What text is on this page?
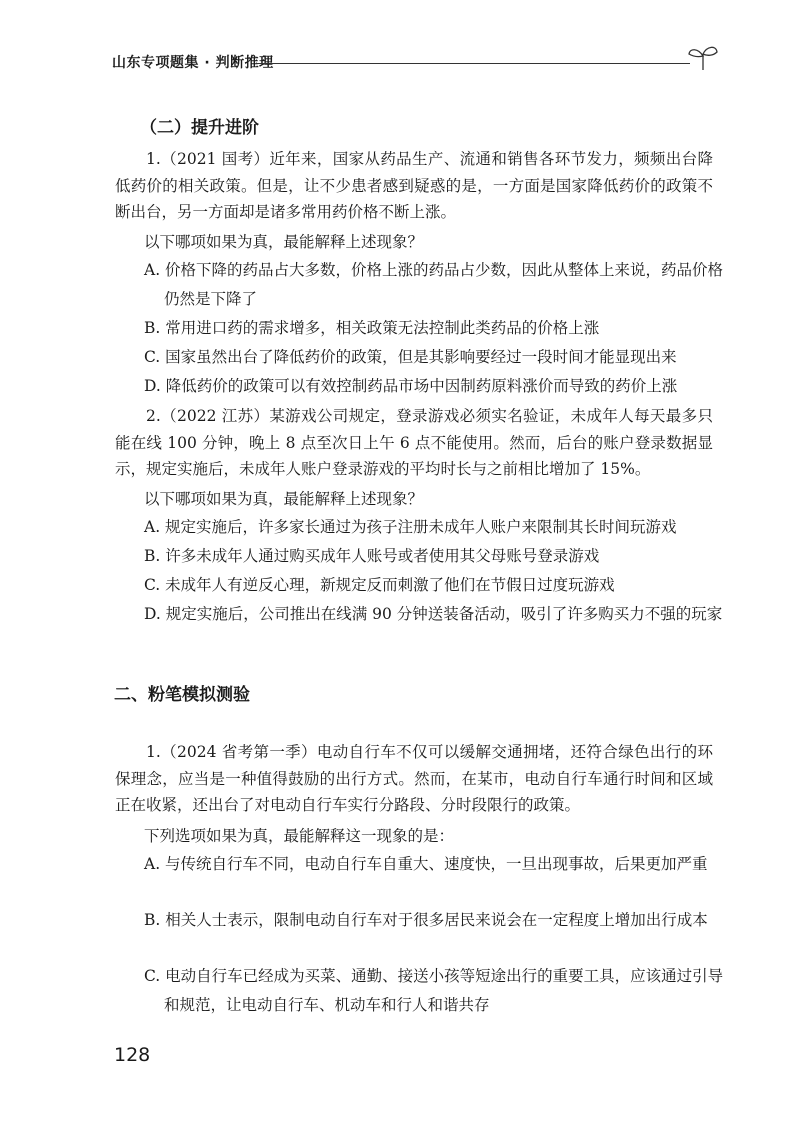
山东专项题集 · 判断推理
（二）提升进阶

1.（2021 国考）近年来，国家从药品生产、流通和销售各环节发力，频频出台降低药价的相关政策。但是，让不少患者感到疑惑的是，一方面是国家降低药价的政策不断出台，另一方面却是诸多常用药价格不断上涨。

以下哪项如果为真，最能解释上述现象？

A. 价格下降的药品占大多数，价格上涨的药品占少数，因此从整体上来说，药品价格仍然是下降了

B. 常用进口药的需求增多，相关政策无法控制此类药品的价格上涨

C. 国家虽然出台了降低药价的政策，但是其影响要经过一段时间才能显现出来

D. 降低药价的政策可以有效控制药品市场中因制药原料涨价而导致的药价上涨

2.（2022 江苏）某游戏公司规定，登录游戏必须实名验证，未成年人每天最多只能在线 100 分钟，晚上 8 点至次日上午 6 点不能使用。然而，后台的账户登录数据显示，规定实施后，未成年人账户登录游戏的平均时长与之前相比增加了 15%。

以下哪项如果为真，最能解释上述现象？

A. 规定实施后，许多家长通过为孩子注册未成年人账户来限制其长时间玩游戏

B. 许多未成年人通过购买成年人账号或者使用其父母账号登录游戏

C. 未成年人有逆反心理，新规定反而刺激了他们在节假日过度玩游戏

D. 规定实施后，公司推出在线满 90 分钟送装备活动，吸引了许多购买力不强的玩家

二、粉笔模拟测验

1.（2024 省考第一季）电动自行车不仅可以缓解交通拥堵，还符合绿色出行的环保理念，应当是一种值得鼓励的出行方式。然而，在某市，电动自行车通行时间和区域正在收紧，还出台了对电动自行车实行分路段、分时段限行的政策。

下列选项如果为真，最能解释这一现象的是：

A. 与传统自行车不同，电动自行车自重大、速度快，一旦出现事故，后果更加严重

B. 相关人士表示，限制电动自行车对于很多居民来说会在一定程度上增加出行成本

C. 电动自行车已经成为买菜、通勤、接送小孩等短途出行的重要工具，应该通过引导和规范，让电动自行车、机动车和行人和谐共存

128
